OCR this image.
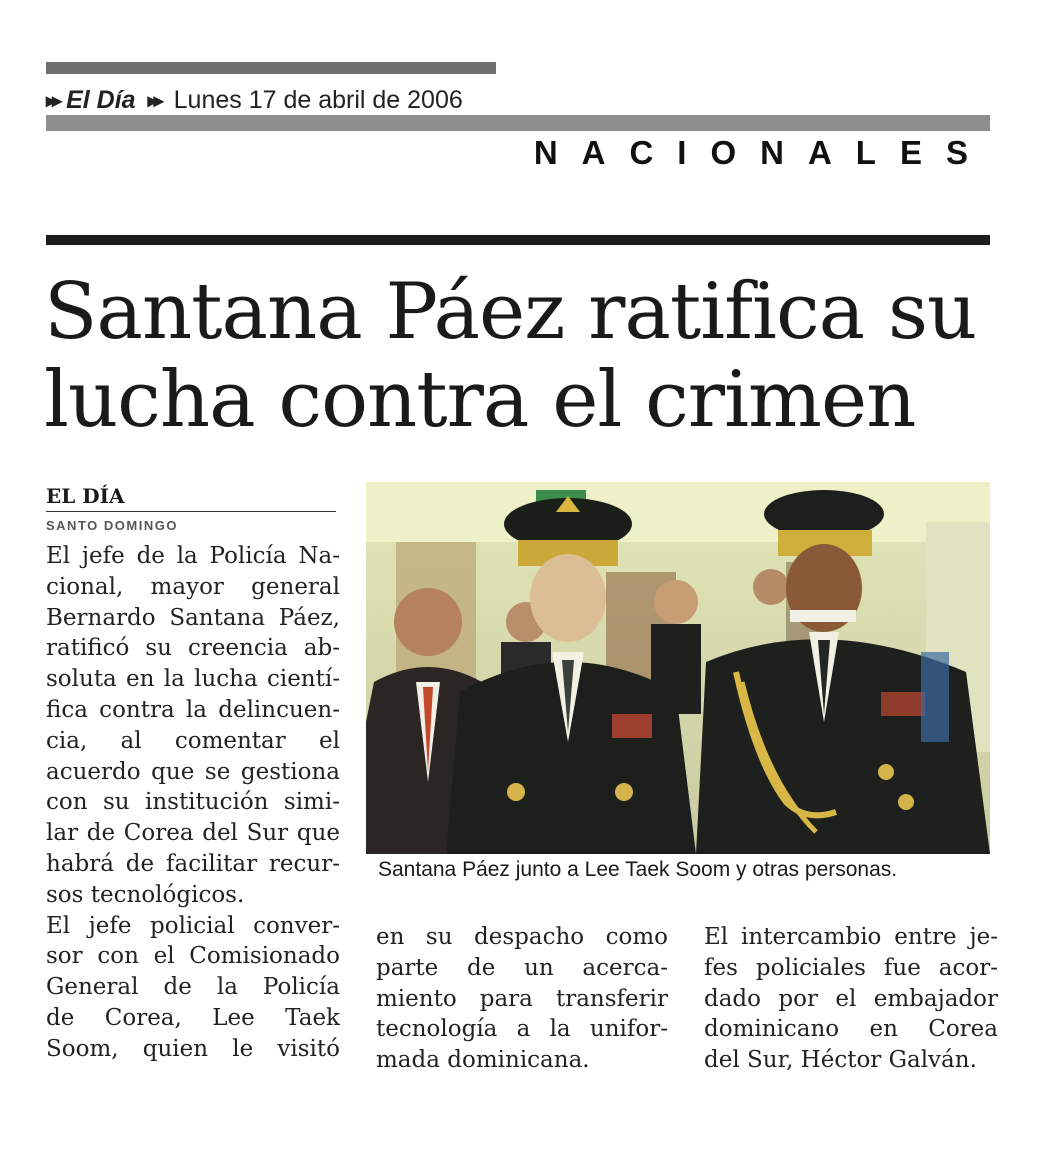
▸▸ El Día ▸▸ Lunes 17 de abril de 2006
NACIONALES
Santana Páez ratifica su
lucha contra el crimen
EL DÍA
SANTO DOMINGO
El jefe de la Policía Na-
cional, mayor general
Bernardo Santana Páez,
ratificó su creencia ab-
soluta en la lucha cientí-
fica contra la delincuen-
cia, al comentar el
acuerdo que se gestiona
con su institución simi-
lar de Corea del Sur que
habrá de facilitar recur-
sos tecnológicos.
El jefe policial conver-
sor con el Comisionado
General de la Policía
de Corea, Lee Taek
Soom, quien le visitó
Santana Páez junto a Lee Taek Soom y otras personas.
en su despacho como
parte de un acerca-
miento para transferir
tecnología a la unifor-
mada dominicana.
El intercambio entre je-
fes policiales fue acor-
dado por el embajador
dominicano en Corea
del Sur, Héctor Galván.
